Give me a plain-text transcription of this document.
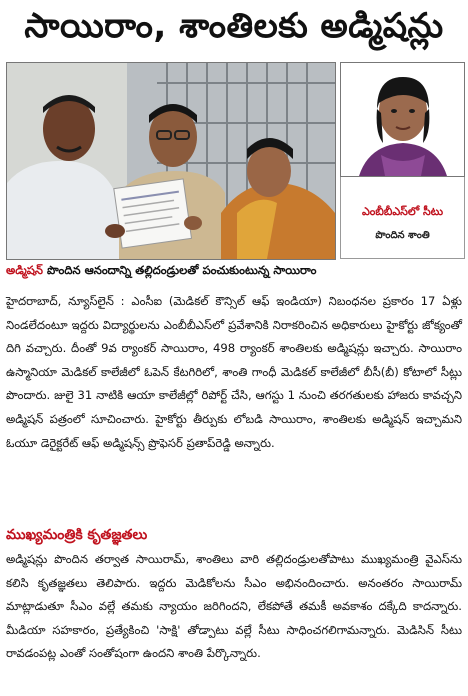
సాయిరాం, శాంతిలకు అడ్మిషన్లు
ఎంబీబీఎస్‌లో సీటు
పొందిన శాంతి
అడ్మిషన్ పొందిన ఆనందాన్ని తల్లిదండ్రులతో పంచుకుంటున్న సాయిరాం
హైదరాబాద్, న్యూస్‌లైన్ : ఎంసీఐ (మెడికల్ కౌన్సిల్ ఆఫ్ ఇండియా) నిబంధనల ప్రకారం 17 ఏళ్లు నిండలేదంటూ ఇద్దరు విద్యార్థులను ఎంబీబీఎస్‌లో ప్రవేశానికి నిరాకరించిన అధికారులు హైకోర్టు జోక్యంతో దిగి వచ్చారు. దీంతో 9వ ర్యాంకర్ సాయిరాం, 498 ర్యాంకర్ శాంతిలకు అడ్మిషన్లు ఇచ్చారు. సాయిరాం ఉస్మానియా మెడికల్ కాలేజీలో ఓపెన్ కేటగిరిలో, శాంతి గాంధీ మెడికల్ కాలేజీలో బీసీ(బీ) కోటాలో సీట్లు పొందారు. జులై 31 నాటికి ఆయా కాలేజీల్లో రిపోర్ట్ చేసి, ఆగస్టు 1 నుంచి తరగతులకు హాజరు కావచ్చని అడ్మిషన్ పత్రంలో సూచించారు. హైకోర్టు తీర్పుకు లోబడి సాయిరాం, శాంతిలకు అడ్మిషన్ ఇచ్చామని ఓయూ డెరైక్టరేట్ ఆఫ్ అడ్మిషన్స్ ప్రొఫెసర్ ప్రతాప్‌రెడ్డి అన్నారు.
ముఖ్యమంత్రికి కృతజ్ఞతలు
అడ్మిషన్లు పొందిన తర్వాత సాయిరామ్, శాంతిలు వారి తల్లిదండ్రులతోపాటు ముఖ్యమంత్రి వైఎస్‌ను కలిసి కృతజ్ఞతలు తెలిపారు. ఇద్దరు మెడికోలను సీఎం అభినందించారు. అనంతరం సాయిరామ్ మాట్లాడుతూ సీఎం వల్లే తమకు న్యాయం జరిగిందని, లేకపోతే తమకీ అవకాశం దక్కేది కాదన్నారు. మీడియా సహకారం, ప్రత్యేకించి 'సాక్షి' తోడ్పాటు వల్లే సీటు సాధించగలిగామన్నారు. మెడిసిన్ సీటు రావడంపట్ల ఎంతో సంతోషంగా ఉందని శాంతి పేర్కొన్నారు.
